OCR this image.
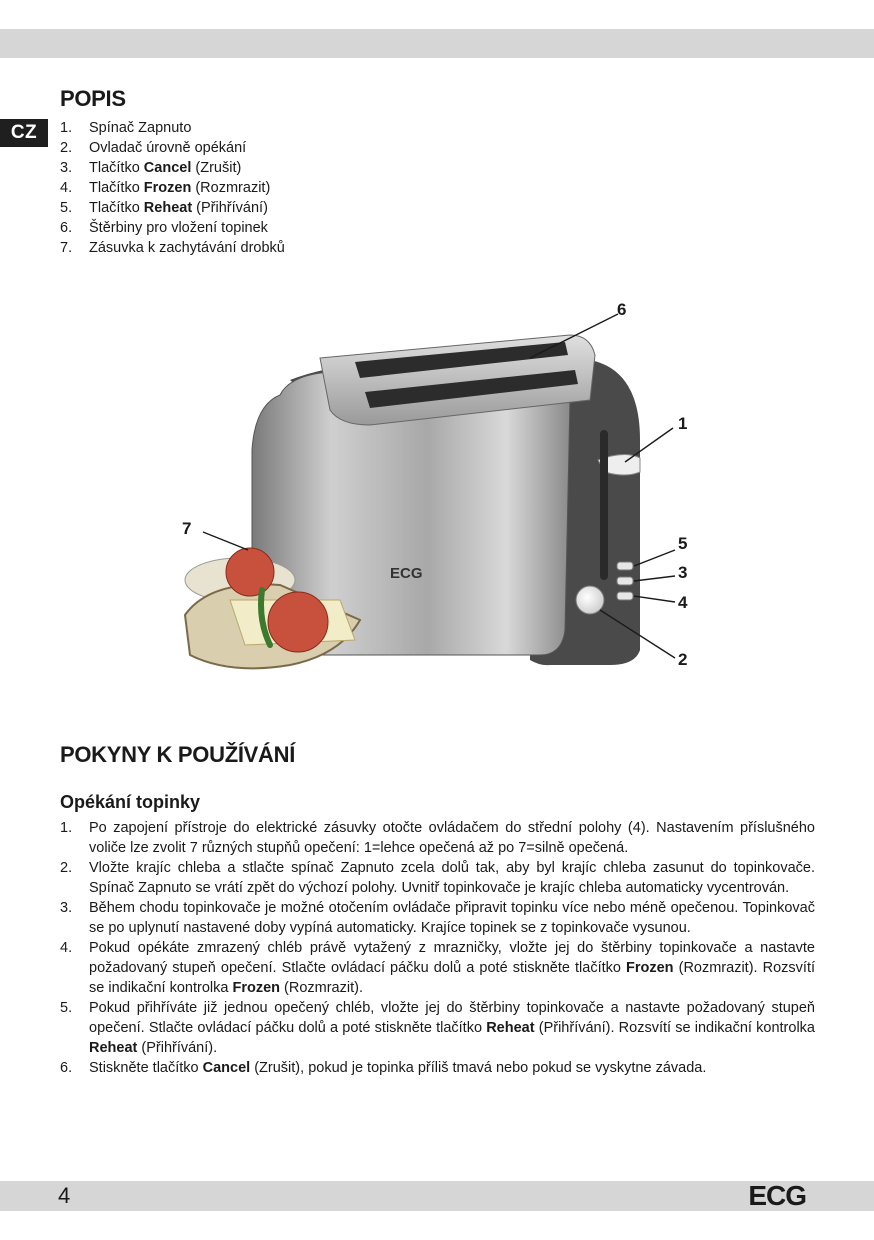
CZ
POPIS
1. Spínač Zapnuto
2. Ovladač úrovně opékání
3. Tlačítko Cancel (Zrušit)
4. Tlačítko Frozen (Rozmrazit)
5. Tlačítko Reheat (Přihřívání)
6. Štěrbiny pro vložení topinek
7. Zásuvka k zachytávání drobků
ECG
6
1
7
5
3
4
2
POKYNY K POUŽÍVÁNÍ
Opékání topinky
1. Po zapojení přístroje do elektrické zásuvky otočte ovládačem do střední polohy (4). Nastavením příslušného voliče lze zvolit 7 různých stupňů opečení: 1=lehce opečená až po 7=silně opečená.
2. Vložte krajíc chleba a stlačte spínač Zapnuto zcela dolů tak, aby byl krajíc chleba zasunut do topinkovače. Spínač Zapnuto se vrátí zpět do výchozí polohy. Uvnitř topinkovače je krajíc chleba automaticky vycentrován.
3. Během chodu topinkovače je možné otočením ovládače připravit topinku více nebo méně opečenou. Topinkovač se po uplynutí nastavené doby vypíná automaticky. Krajíce topinek se z topinkovače vysunou.
4. Pokud opékáte zmrazený chléb právě vytažený z mrazničky, vložte jej do štěrbiny topinkovače a nastavte požadovaný stupeň opečení. Stlačte ovládací páčku dolů a poté stiskněte tlačítko Frozen (Rozmrazit). Rozsvítí se indikační kontrolka Frozen (Rozmrazit).
5. Pokud přihříváte již jednou opečený chléb, vložte jej do štěrbiny topinkovače a nastavte požadovaný stupeň opečení. Stlačte ovládací páčku dolů a poté stiskněte tlačítko Reheat (Přihřívání). Rozsvítí se indikační kontrolka Reheat (Přihřívání).
6. Stiskněte tlačítko Cancel (Zrušit), pokud je topinka příliš tmavá nebo pokud se vyskytne závada.
4	ECG
